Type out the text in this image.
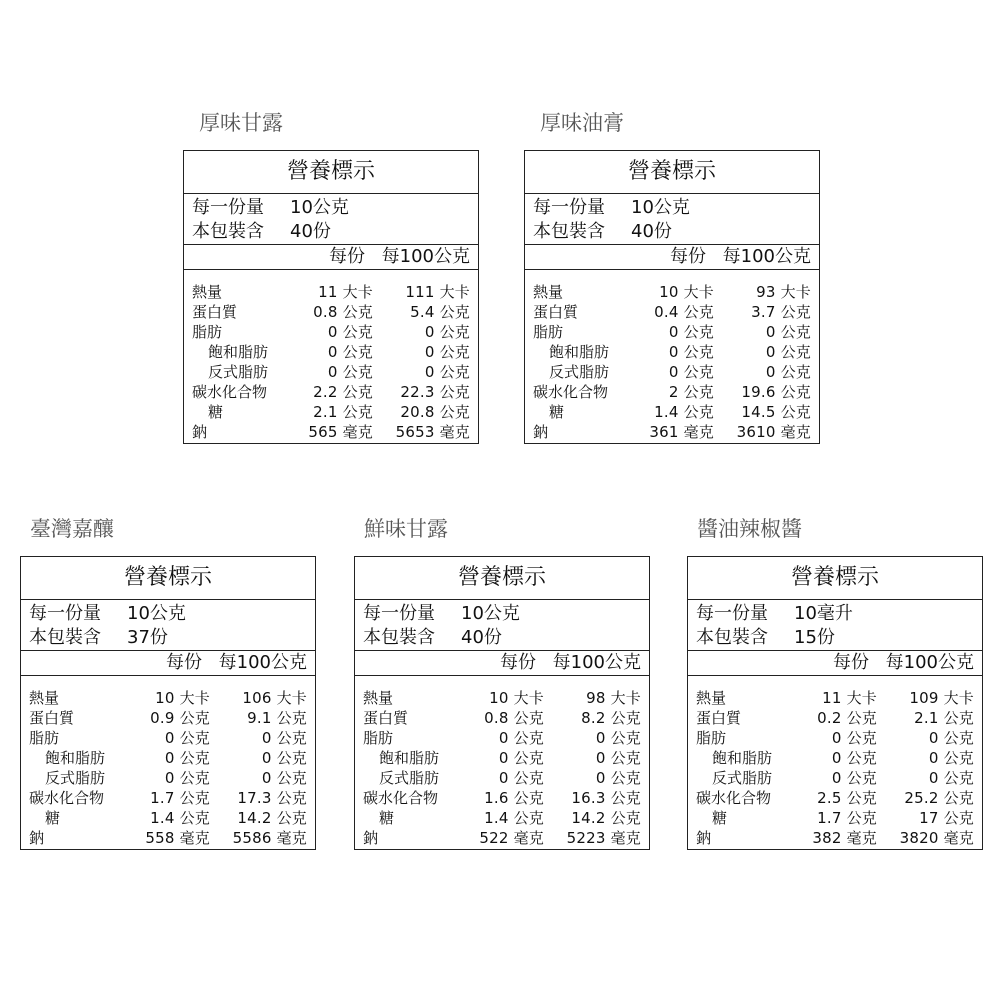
厚味甘露
營養標示
每一份量	10公克
本包裝含	40份
每份 每100公克
熱量	11 大卡	111 大卡
蛋白質	0.8 公克	5.4 公克
脂肪	0 公克	0 公克
飽和脂肪	0 公克	0 公克
反式脂肪	0 公克	0 公克
碳水化合物	2.2 公克	22.3 公克
糖	2.1 公克	20.8 公克
鈉	565 毫克	5653 毫克
厚味油膏
營養標示
每一份量	10公克
本包裝含	40份
每份 每100公克
熱量	10 大卡	93 大卡
蛋白質	0.4 公克	3.7 公克
脂肪	0 公克	0 公克
飽和脂肪	0 公克	0 公克
反式脂肪	0 公克	0 公克
碳水化合物	2 公克	19.6 公克
糖	1.4 公克	14.5 公克
鈉	361 毫克	3610 毫克
臺灣嘉釀
營養標示
每一份量	10公克
本包裝含	37份
每份 每100公克
熱量	10 大卡	106 大卡
蛋白質	0.9 公克	9.1 公克
脂肪	0 公克	0 公克
飽和脂肪	0 公克	0 公克
反式脂肪	0 公克	0 公克
碳水化合物	1.7 公克	17.3 公克
糖	1.4 公克	14.2 公克
鈉	558 毫克	5586 毫克
鮮味甘露
營養標示
每一份量	10公克
本包裝含	40份
每份 每100公克
熱量	10 大卡	98 大卡
蛋白質	0.8 公克	8.2 公克
脂肪	0 公克	0 公克
飽和脂肪	0 公克	0 公克
反式脂肪	0 公克	0 公克
碳水化合物	1.6 公克	16.3 公克
糖	1.4 公克	14.2 公克
鈉	522 毫克	5223 毫克
醬油辣椒醬
營養標示
每一份量	10毫升
本包裝含	15份
每份 每100公克
熱量	11 大卡	109 大卡
蛋白質	0.2 公克	2.1 公克
脂肪	0 公克	0 公克
飽和脂肪	0 公克	0 公克
反式脂肪	0 公克	0 公克
碳水化合物	2.5 公克	25.2 公克
糖	1.7 公克	17 公克
鈉	382 毫克	3820 毫克
